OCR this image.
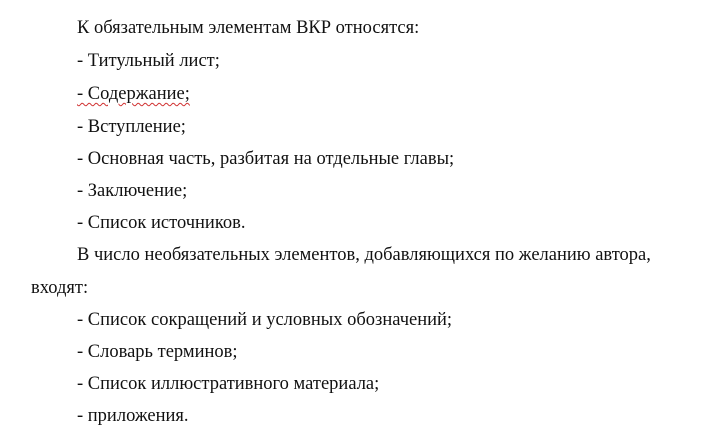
К обязательным элементам ВКР относятся:
- Титульный лист;
- Содержание;
- Вступление;
- Основная часть, разбитая на отдельные главы;
- Заключение;
- Список источников.
В число необязательных элементов, добавляющихся по желанию автора,
входят:
- Список сокращений и условных обозначений;
- Словарь терминов;
- Список иллюстративного материала;
- приложения.
